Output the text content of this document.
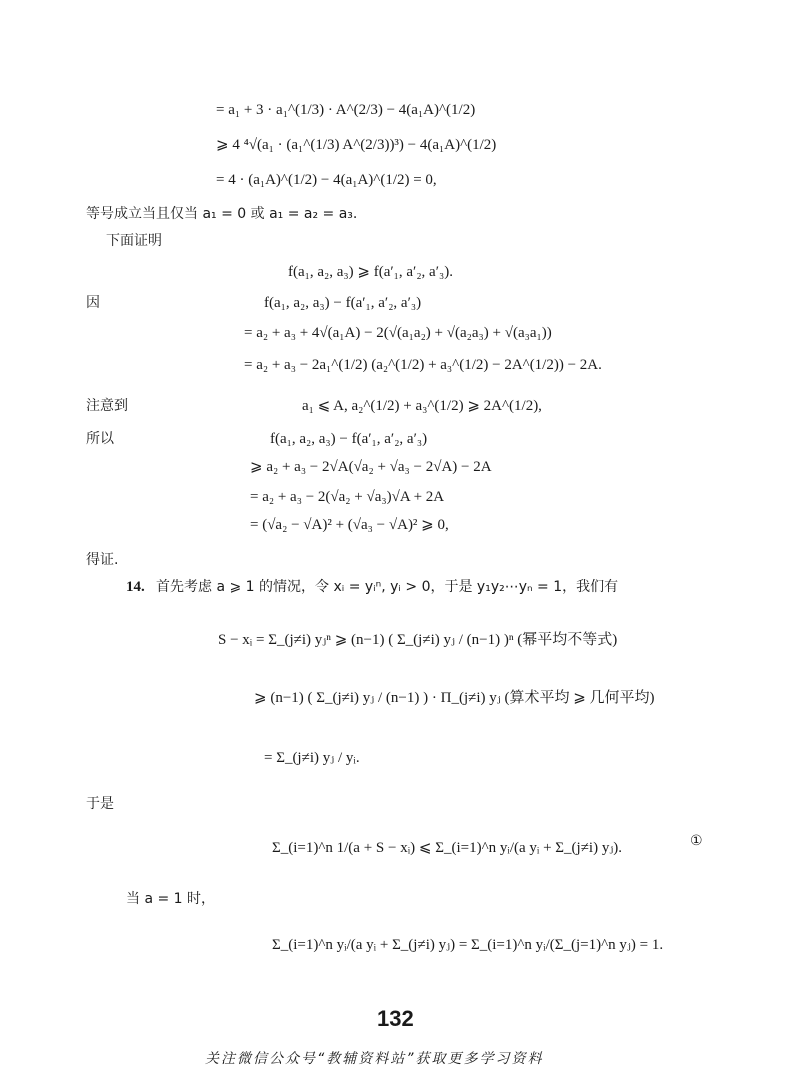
= a₁ + 3 · a₁^(1/3) · A^(2/3) − 4(a₁A)^(1/2)
⩾ 4 ⁴√(a₁ · (a₁^(1/3) A^(2/3))³) − 4(a₁A)^(1/2)
= 4 · (a₁A)^(1/2) − 4(a₁A)^(1/2) = 0,
等号成立当且仅当 a₁ = 0 或 a₁ = a₂ = a₃.
下面证明
f(a₁, a₂, a₃) ⩾ f(a′₁, a′₂, a′₃).
因	f(a₁, a₂, a₃) − f(a′₁, a′₂, a′₃)
= a₂ + a₃ + 4√(a₁A) − 2(√(a₁a₂) + √(a₂a₃) + √(a₃a₁))
= a₂ + a₃ − 2a₁^(1/2) (a₂^(1/2) + a₃^(1/2) − 2A^(1/2)) − 2A.
注意到	a₁ ⩽ A, a₂^(1/2) + a₃^(1/2) ⩾ 2A^(1/2),
所以	f(a₁, a₂, a₃) − f(a′₁, a′₂, a′₃)
⩾ a₂ + a₃ − 2√A(√a₂ + √a₃ − 2√A) − 2A
= a₂ + a₃ − 2(√a₂ + √a₃)√A + 2A
= (√a₂ − √A)² + (√a₃ − √A)² ⩾ 0,
得证.
14. 首先考虑 a ⩾ 1 的情况，令 xᵢ = yᵢⁿ, yᵢ > 0，于是 y₁y₂⋯yₙ = 1，我们有
S − xᵢ = Σ_(j≠i) yⱼⁿ ⩾ (n−1) ( Σ_(j≠i) yⱼ / (n−1) )ⁿ (幂平均不等式)
⩾ (n−1) ( Σ_(j≠i) yⱼ / (n−1) ) · Π_(j≠i) yⱼ (算术平均 ⩾ 几何平均)
= Σ_(j≠i) yⱼ / yᵢ.
于是
Σ_(i=1)^n 1/(a + S − xᵢ) ⩽ Σ_(i=1)^n yᵢ/(a yᵢ + Σ_(j≠i) yⱼ).	①
当 a = 1 时，
Σ_(i=1)^n yᵢ/(a yᵢ + Σ_(j≠i) yⱼ) = Σ_(i=1)^n yᵢ/(Σ_(j=1)^n yⱼ) = 1.
132
关注微信公众号“教辅资料站”获取更多学习资料
